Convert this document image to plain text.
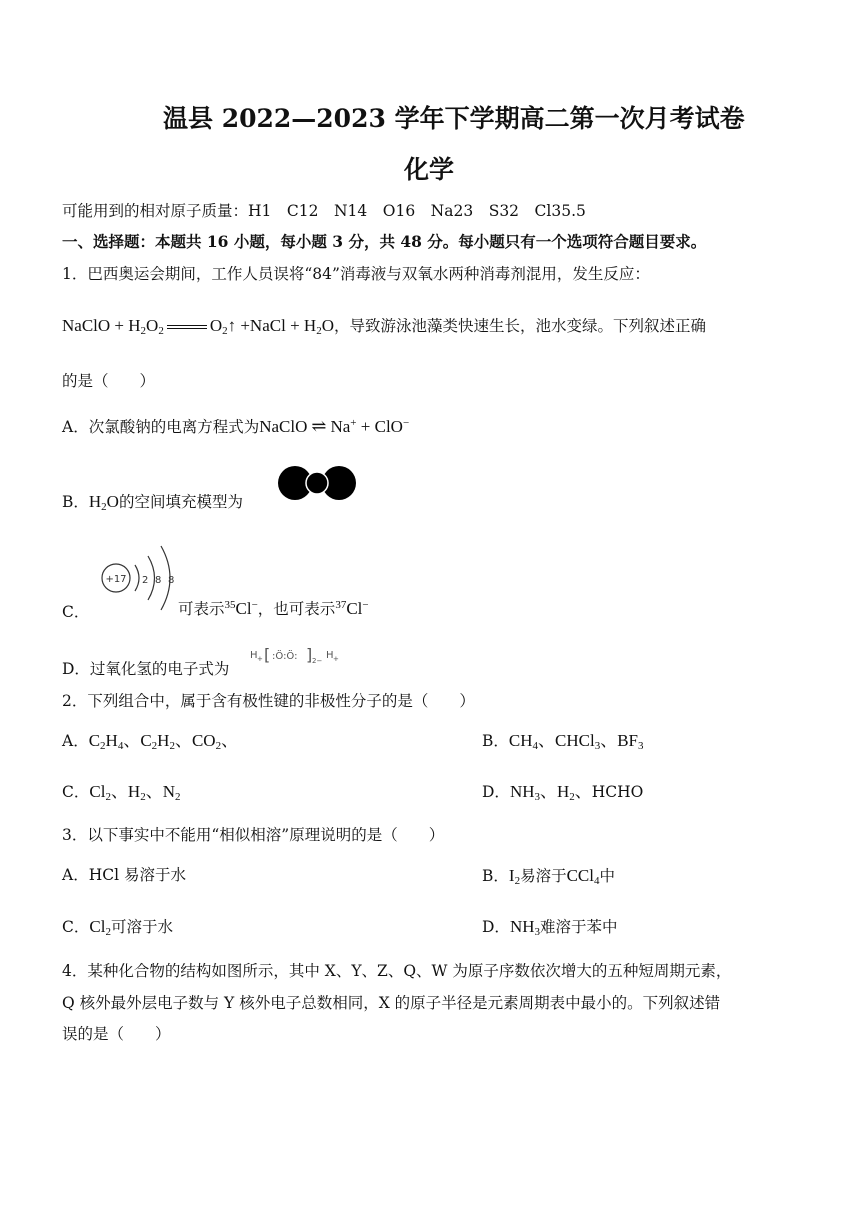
温县 2022—2023 学年下学期高二第一次月考试卷
化学
可能用到的相对原子质量：H1　C12　N14　O16　Na23　S32　Cl35.5
一、选择题：本题共 16 小题，每小题 3 分，共 48 分。每小题只有一个选项符合题目要求。
1．巴西奥运会期间，工作人员误将“84”消毒液与双氧水两种消毒剂混用，发生反应：
NaClO + $H_2O_2$	$O_2↑$ +NaCl + $H_2O$，导致游泳池藻类快速生长，池水变绿。下列叙述正确
的是（　　）
A．次氯酸钠的电离方程式为NaClO ⇌ Na+ + ClO−
B．$H_2O$的空间填充模型为
+17 2 8 8
C．	可表示$^{35}$Cl−，也可表示$^{37}$Cl−
D．过氧化氢的电子式为
H + [ :Ö:Ö: ] 2− H +
2．下列组合中，属于含有极性键的非极性分子的是（　　）
A．$C_2H_4$、$C_2H_2$、$CO_2$、	B．$CH_4$、CHCl$_3$、$BF_3$
C．$Cl_2$、$H_2$、$N_2$	D．$NH_3$、$H_2$、HCHO
3．以下事实中不能用“相似相溶”原理说明的是（　　）
A．HCl 易溶于水	B．$I_2$易溶于CCl$_4$中
C．$Cl_2$可溶于水	D．$NH_3$难溶于苯中
4．某种化合物的结构如图所示，其中 X、Y、Z、Q、W 为原子序数依次增大的五种短周期元素，
Q 核外最外层电子数与 Y 核外电子总数相同，X 的原子半径是元素周期表中最小的。下列叙述错
误的是（　　）
